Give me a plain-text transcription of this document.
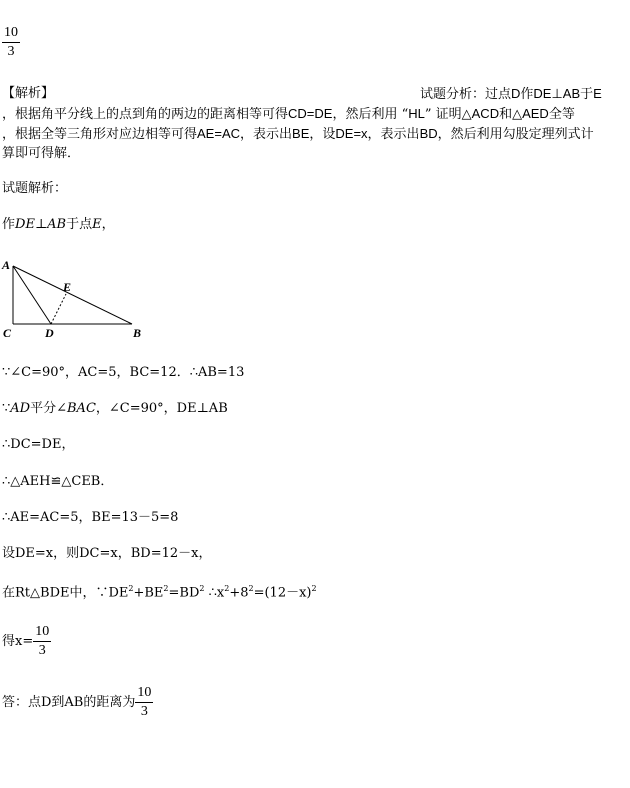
$\frac{10}{3}$
【解析】	试题分析：过点D作DE⊥AB于E
，根据角平分线上的点到角的两边的距离相等可得CD=DE，然后利用 “HL” 证明△ACD和△AED全等
，根据全等三角形对应边相等可得AE=AC，表示出BE，设DE=x，表示出BD，然后利用勾股定理列式计
算即可得解．
试题解析：
作DE⊥AB于点E，
A
E
C	D	B
∵∠C=90°，AC=5，BC=12．∴AB=13
∵AD平分∠BAC，∠C=90°，DE⊥AB
∴DC=DE，
∴△AEH≌△CEB．
∴AE=AC=5，BE=13－5=8
设DE=x，则DC=x，BD=12－x，
在Rt△BDE中，$\because DE^2+BE^2=BD^2$ $\therefore x^2+8^2=(12-x)^2$
得$x= \frac{10}{3}$
答：点D到AB的距离为 $\frac{10}{3}$
